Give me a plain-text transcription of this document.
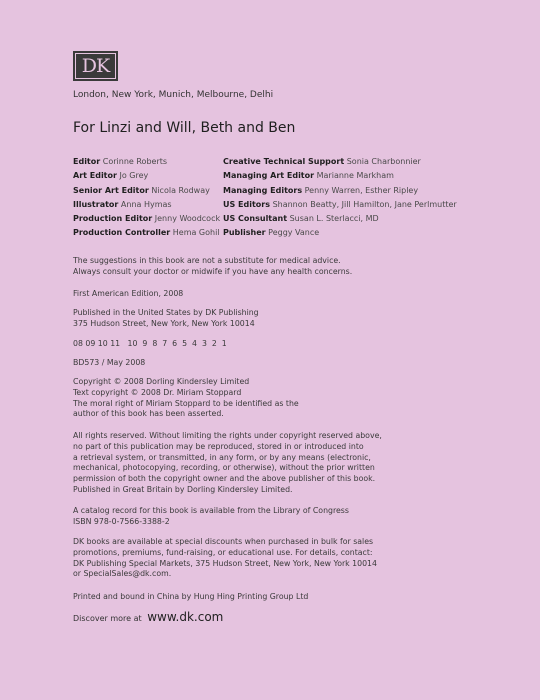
DK
London, New York, Munich, Melbourne, Delhi
For Linzi and Will, Beth and Ben
Editor Corinne Roberts
Art Editor Jo Grey
Senior Art Editor Nicola Rodway
Illustrator Anna Hymas
Production Editor Jenny Woodcock
Production Controller Hema Gohil
Creative Technical Support Sonia Charbonnier
Managing Art Editor Marianne Markham
Managing Editors Penny Warren, Esther Ripley
US Editors Shannon Beatty, Jill Hamilton, Jane Perlmutter
US Consultant Susan L. Sterlacci, MD
Publisher Peggy Vance

The suggestions in this book are not a substitute for medical advice.

Always consult your doctor or midwife if you have any health concerns.

First American Edition, 2008

Published in the United States by DK Publishing

375 Hudson Street, New York, New York 10014

08 09 10 11   10  9  8  7  6  5  4  3  2  1

BD573 / May 2008

Copyright © 2008 Dorling Kindersley Limited

Text copyright © 2008 Dr. Miriam Stoppard

The moral right of Miriam Stoppard to be identified as the

author of this book has been asserted.

All rights reserved. Without limiting the rights under copyright reserved above,

no part of this publication may be reproduced, stored in or introduced into

a retrieval system, or transmitted, in any form, or by any means (electronic,

mechanical, photocopying, recording, or otherwise), without the prior written

permission of both the copyright owner and the above publisher of this book.

Published in Great Britain by Dorling Kindersley Limited.

A catalog record for this book is available from the Library of Congress

ISBN 978-0-7566-3388-2

DK books are available at special discounts when purchased in bulk for sales

promotions, premiums, fund-raising, or educational use. For details, contact:

DK Publishing Special Markets, 375 Hudson Street, New York, New York 10014

or SpecialSales@dk.com.

Printed and bound in China by Hung Hing Printing Group Ltd

Discover more at www.dk.com
